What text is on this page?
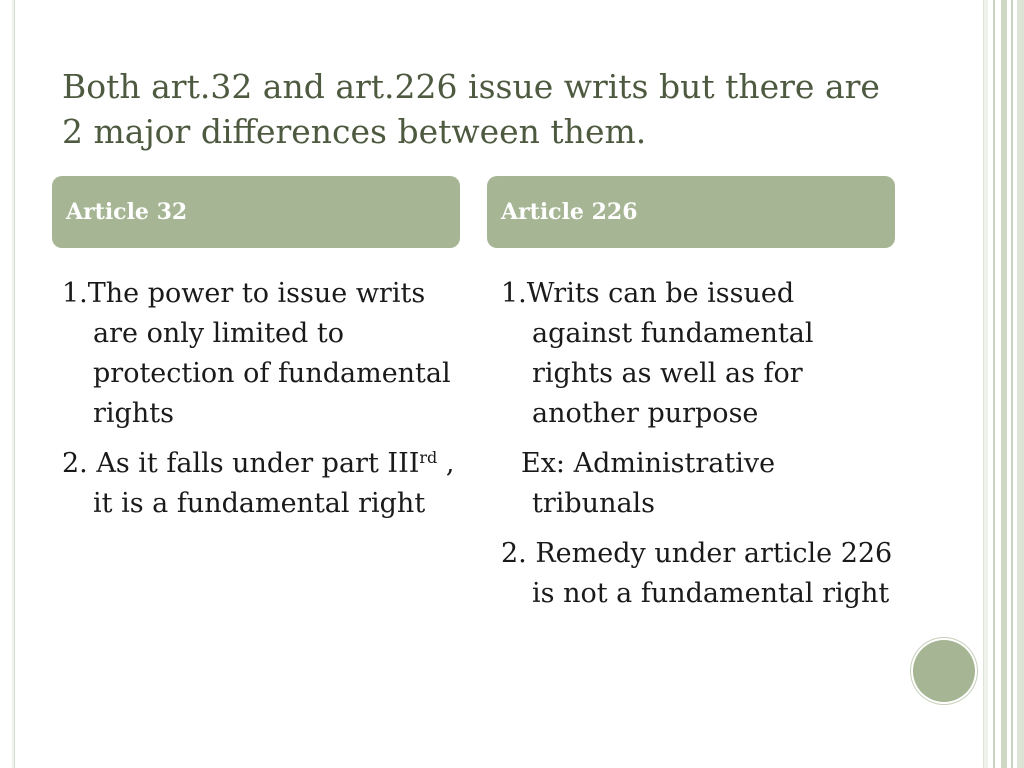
Both art.32 and art.226 issue writs but there are 2 major differences between them.
Article 32	Article 226
1.The power to issue writs are only limited to protection of fundamental rights
2. As it falls under part IIIrd , it is a fundamental right
1.Writs can be issued against fundamental rights as well as for another purpose
Ex: Administrative tribunals
2. Remedy under article 226 is not a fundamental right
